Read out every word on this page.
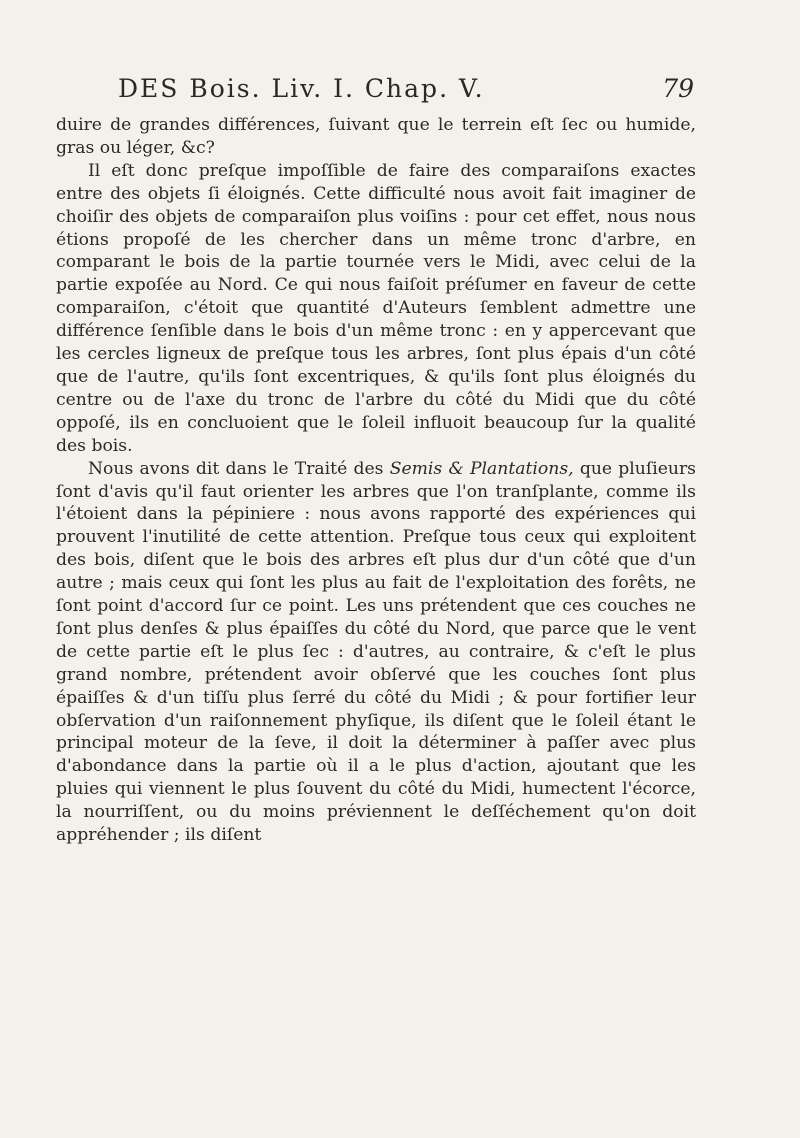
DES Bois. Liv. I. Chap. V.	79

duire de grandes différences, ſuivant que le terrein eſt ſec ou humide, gras ou léger, &c?

Il eſt donc preſque impoſſible de faire des comparaiſons exactes entre des objets ſi éloignés. Cette difficulté nous avoit fait imaginer de choiſir des objets de comparaiſon plus voiſins : pour cet effet, nous nous étions propoſé de les chercher dans un même tronc d'arbre, en comparant le bois de la partie tournée vers le Midi, avec celui de la partie expoſée au Nord. Ce qui nous faiſoit préſumer en faveur de cette comparaiſon, c'étoit que quantité d'Auteurs ſemblent admettre une différence ſenſible dans le bois d'un même tronc : en y appercevant que les cercles ligneux de preſque tous les arbres, ſont plus épais d'un côté que de l'autre, qu'ils ſont excentriques, & qu'ils ſont plus éloignés du centre ou de l'axe du tronc de l'arbre du côté du Midi que du côté oppoſé, ils en concluoient que le ſoleil influoit beaucoup ſur la qualité des bois.

Nous avons dit dans le Traité des Semis & Plantations, que pluſieurs ſont d'avis qu'il faut orienter les arbres que l'on tranſplante, comme ils l'étoient dans la pépiniere : nous avons rapporté des expériences qui prouvent l'inutilité de cette attention. Preſque tous ceux qui exploitent des bois, diſent que le bois des arbres eſt plus dur d'un côté que d'un autre ; mais ceux qui ſont les plus au fait de l'exploitation des forêts, ne ſont point d'accord ſur ce point. Les uns prétendent que ces couches ne ſont plus denſes & plus épaiſſes du côté du Nord, que parce que le vent de cette partie eſt le plus ſec : d'autres, au contraire, & c'eſt le plus grand nombre, prétendent avoir obſervé que les couches ſont plus épaiſſes & d'un tiſſu plus ſerré du côté du Midi ; & pour fortifier leur obſervation d'un raiſonnement phyſique, ils diſent que le ſoleil étant le principal moteur de la ſeve, il doit la déterminer à paſſer avec plus d'abondance dans la partie où il a le plus d'action, ajoutant que les pluies qui viennent le plus ſouvent du côté du Midi, humectent l'écorce, la nourriſſent, ou du moins préviennent le deſſéchement qu'on doit appréhender ; ils diſent
